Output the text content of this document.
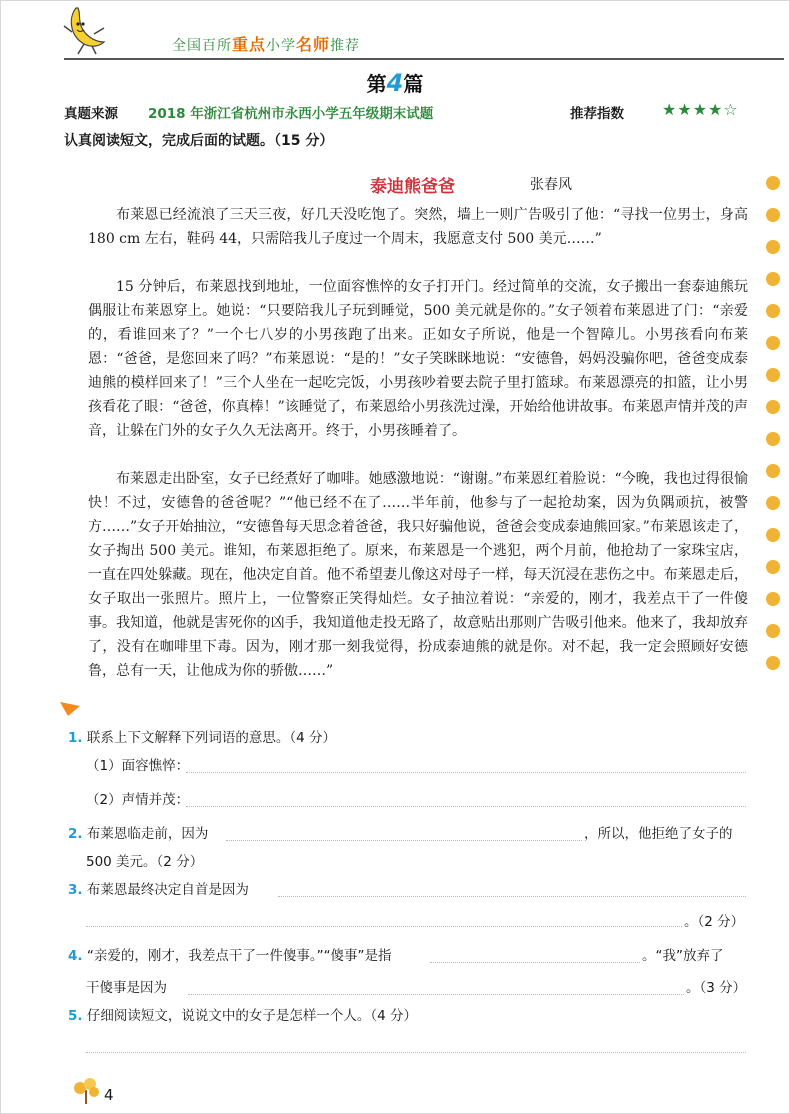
全国百所重点小学名师推荐
第4篇
真题来源 2018 年浙江省杭州市永西小学五年级期末试题	推荐指数 ★★★★☆
认真阅读短文，完成后面的试题。（15 分）
泰迪熊爸爸	张春风

布莱恩已经流浪了三天三夜，好几天没吃饱了。突然，墙上一则广告吸引了他：“寻找一位男士，身高 180 cm 左右，鞋码 44，只需陪我儿子度过一个周末，我愿意支付 500 美元……”

15 分钟后，布莱恩找到地址，一位面容憔悴的女子打开门。经过简单的交流，女子搬出一套泰迪熊玩偶服让布莱恩穿上。她说：“只要陪我儿子玩到睡觉，500 美元就是你的。”女子领着布莱恩进了门：“亲爱的，看谁回来了？”一个七八岁的小男孩跑了出来。正如女子所说，他是一个智障儿。小男孩看向布莱恩：“爸爸，是您回来了吗？”布莱恩说：“是的！”女子笑眯眯地说：“安德鲁，妈妈没骗你吧，爸爸变成泰迪熊的模样回来了！”三个人坐在一起吃完饭，小男孩吵着要去院子里打篮球。布莱恩漂亮的扣篮，让小男孩看花了眼：“爸爸，你真棒！”该睡觉了，布莱恩给小男孩洗过澡，开始给他讲故事。布莱恩声情并茂的声音，让躲在门外的女子久久无法离开。终于，小男孩睡着了。

布莱恩走出卧室，女子已经煮好了咖啡。她感激地说：“谢谢。”布莱恩红着脸说：“今晚，我也过得很愉快！不过，安德鲁的爸爸呢？”“他已经不在了……半年前，他参与了一起抢劫案，因为负隅顽抗，被警方……”女子开始抽泣，“安德鲁每天思念着爸爸，我只好骗他说，爸爸会变成泰迪熊回家。”布莱恩该走了，女子掏出 500 美元。谁知，布莱恩拒绝了。原来，布莱恩是一个逃犯，两个月前，他抢劫了一家珠宝店，一直在四处躲藏。现在，他决定自首。他不希望妻儿像这对母子一样，每天沉浸在悲伤之中。布莱恩走后，女子取出一张照片。照片上，一位警察正笑得灿烂。女子抽泣着说：“亲爱的，刚才，我差点干了一件傻事。我知道，他就是害死你的凶手，我知道他走投无路了，故意贴出那则广告吸引他来。他来了，我却放弃了，没有在咖啡里下毒。因为，刚才那一刻我觉得，扮成泰迪熊的就是你。对不起，我一定会照顾好安德鲁，总有一天，让他成为你的骄傲……”

1. 联系上下文解释下列词语的意思。（4 分）
（1）面容憔悴：
（2）声情并茂：
2. 布莱恩临走前，因为	，所以，他拒绝了女子的
500 美元。（2 分）
3. 布莱恩最终决定自首是因为
。（2 分）
4. “亲爱的，刚才，我差点干了一件傻事。”“傻事”是指	。“我”放弃了
干傻事是因为	。（3 分）
5. 仔细阅读短文，说说文中的女子是怎样一个人。（4 分）
4
